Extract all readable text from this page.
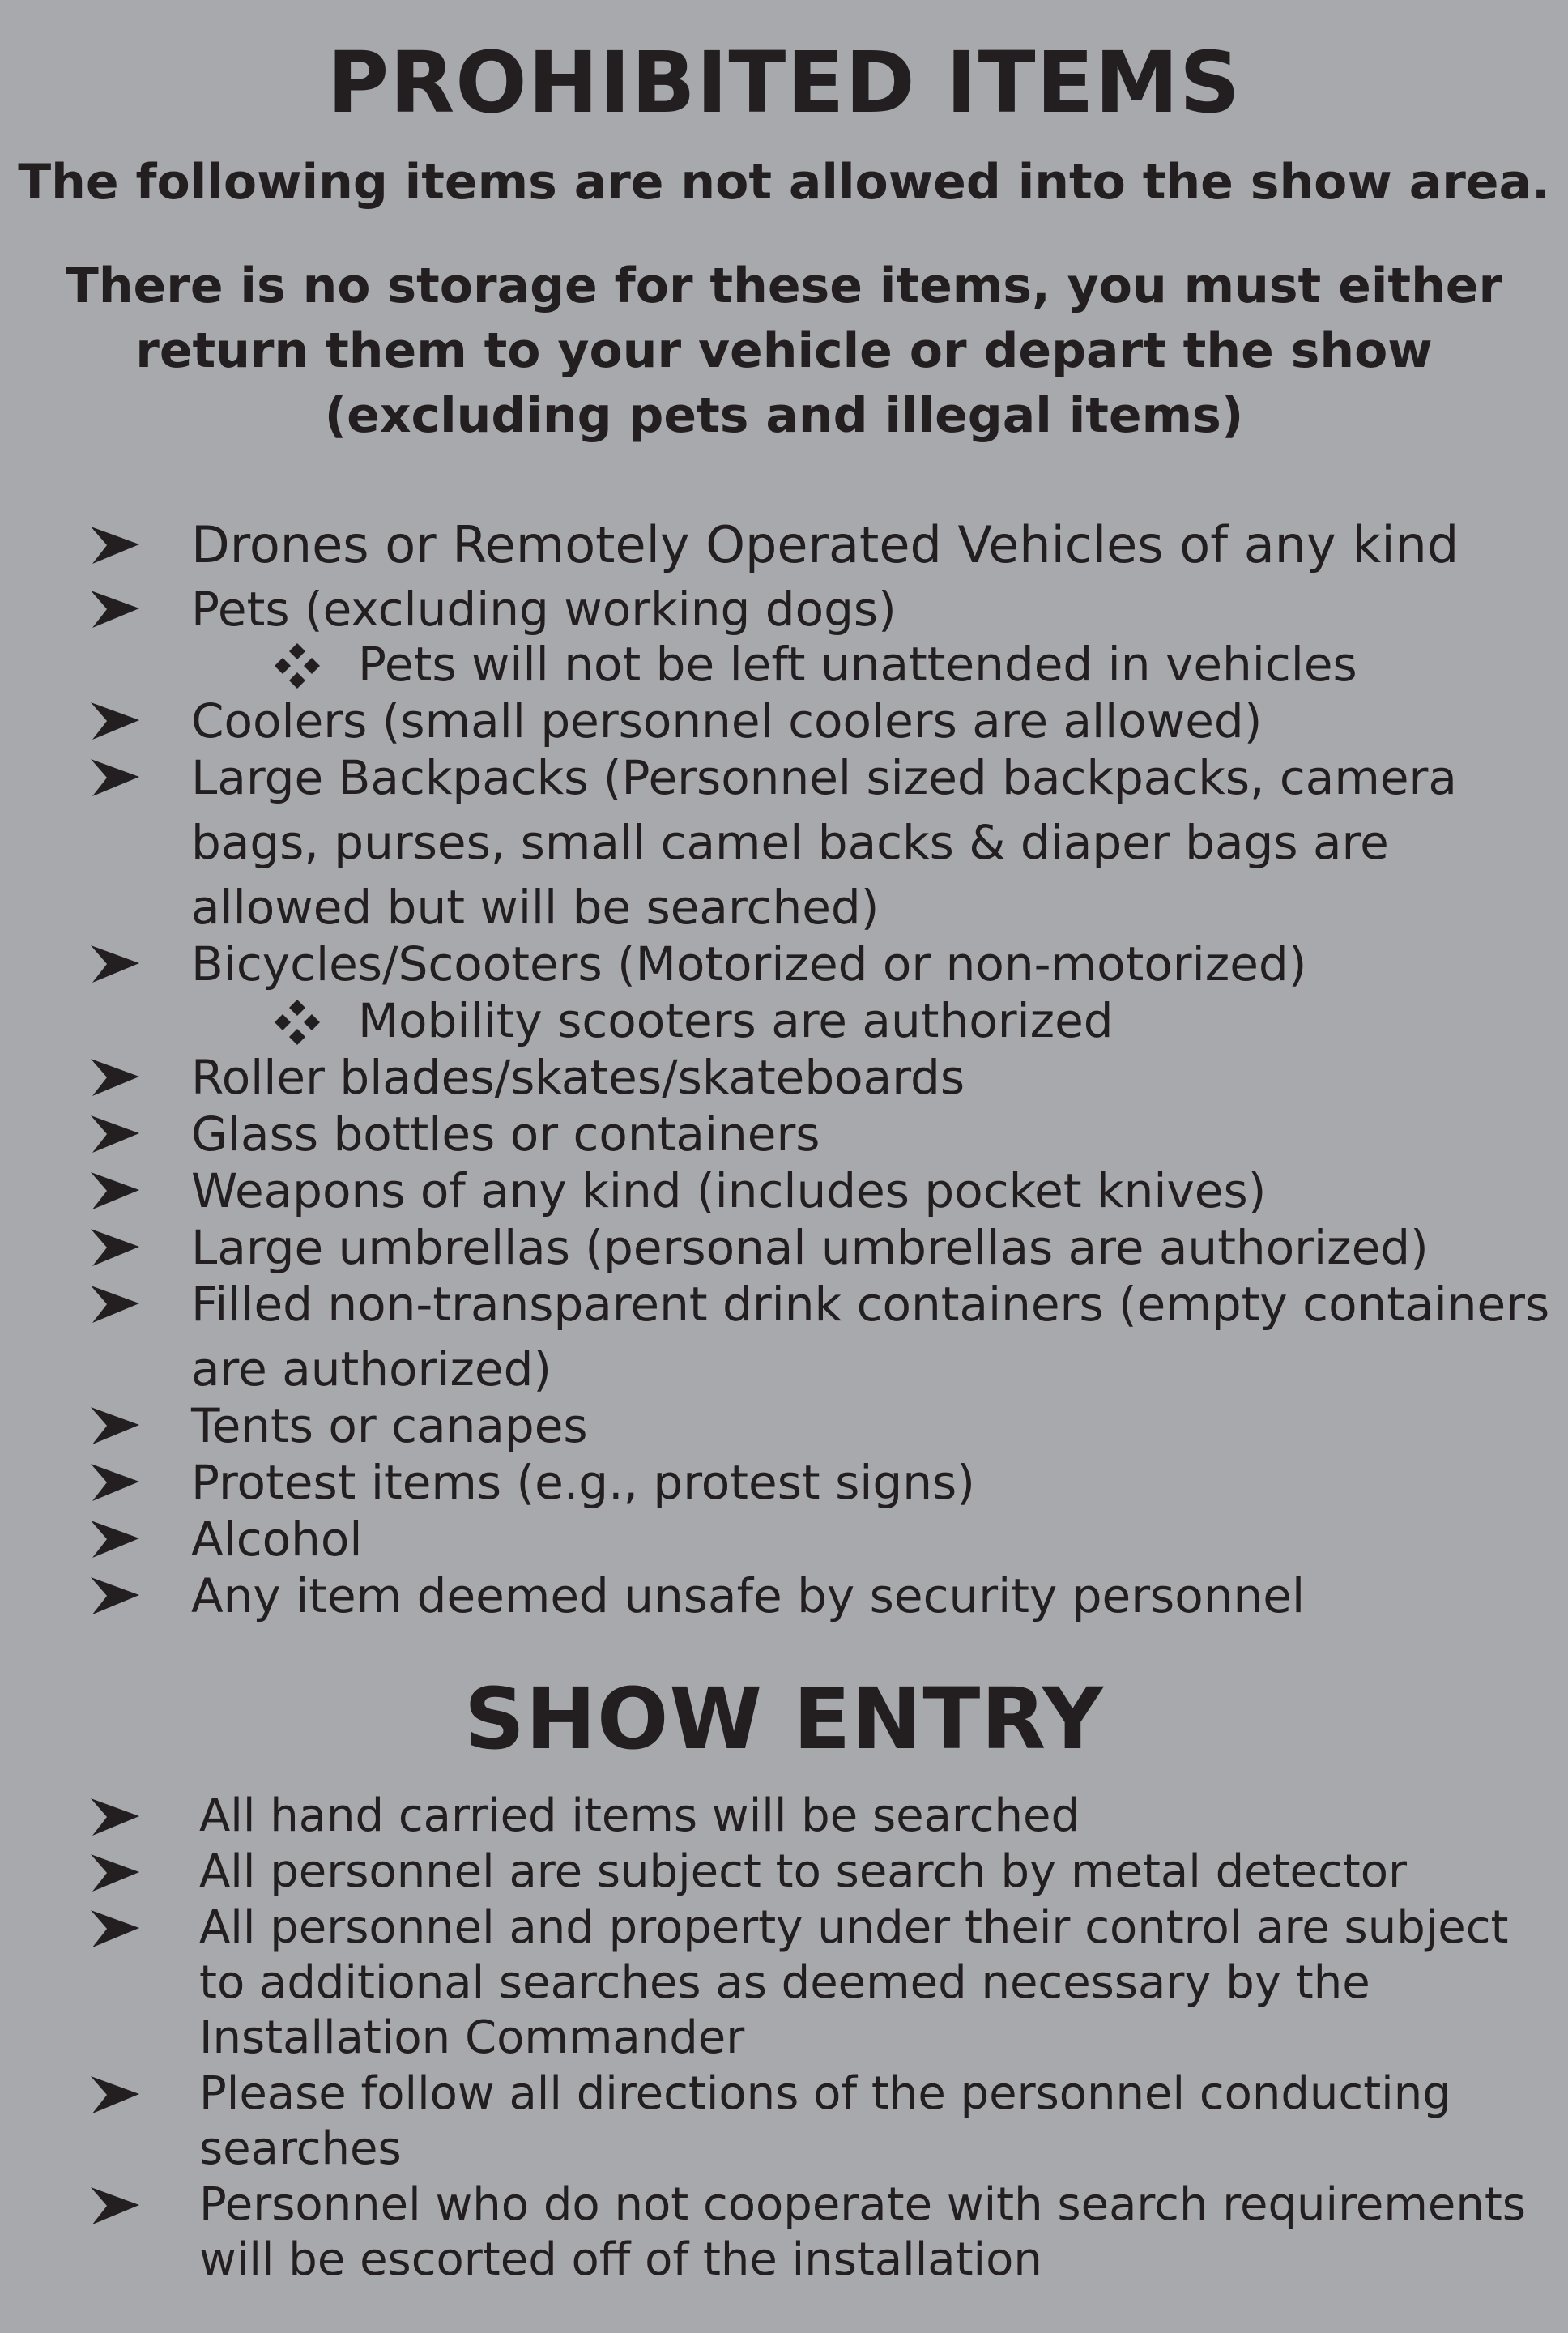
PROHIBITED ITEMS
The following items are not allowed into the show area.
There is no storage for these items, you must either
return them to your vehicle or depart the show
(excluding pets and illegal items)
Drones or Remotely Operated Vehicles of any kind
Pets (excluding working dogs)
Pets will not be left unattended in vehicles
Coolers (small personnel coolers are allowed)
Large Backpacks (Personnel sized backpacks, camera
bags, purses, small camel backs & diaper bags are
allowed but will be searched)
Bicycles/Scooters (Motorized or non-motorized)
Mobility scooters are authorized
Roller blades/skates/skateboards
Glass bottles or containers
Weapons of any kind (includes pocket knives)
Large umbrellas (personal umbrellas are authorized)
Filled non-transparent drink containers (empty containers
are authorized)
Tents or canapes
Protest items (e.g., protest signs)
Alcohol
Any item deemed unsafe by security personnel
SHOW ENTRY
All hand carried items will be searched
All personnel are subject to search by metal detector
All personnel and property under their control are subject
to additional searches as deemed necessary by the
Installation Commander
Please follow all directions of the personnel conducting
searches
Personnel who do not cooperate with search requirements
will be escorted off of the installation
